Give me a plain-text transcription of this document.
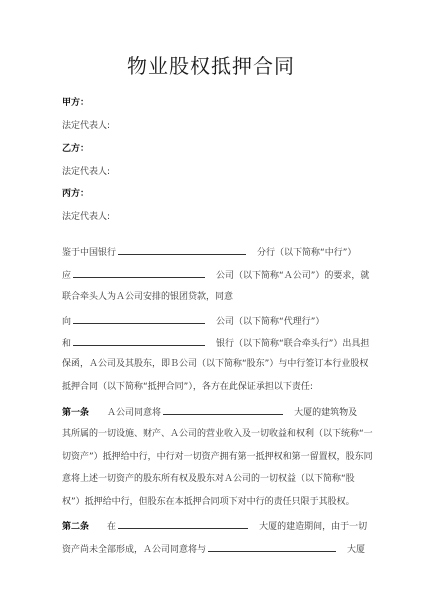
物业股权抵押合同
甲方：
法定代表人:
乙方：
法定代表人:
丙方：
法定代表人:
鉴于中国银行　	分行（以下简称“中行”）
应　	公司（以下简称“Ａ公司”）的要求，就
联合牵头人为Ａ公司安排的银团贷款，同意
向　	公司（以下简称“代理行”）
和　	银行（以下简称“联合牵头行”）出具担
保函，Ａ公司及其股东，即Ｂ公司（以下简称“股东”）与中行签订本行业股权
抵押合同（以下简称“抵押合同”），各方在此保证承担以下责任:
第一条　　 Ａ公司同意将　	大厦的建筑物及
其所属的一切设施、财产、Ａ公司的营业收入及一切收益和权利（以下统称“一
切资产”）抵押给中行，中行对一切资产拥有第一抵押权和第一留置权，股东同
意将上述一切资产的股东所有权及股东对Ａ公司的一切权益（以下简称“股
权”）抵押给中行，但股东在本抵押合同项下对中行的责任只限于其股权。
第二条　　 在　	大厦的建造期间，由于一切
资产尚未全部形成，Ａ公司同意将与　	大厦
